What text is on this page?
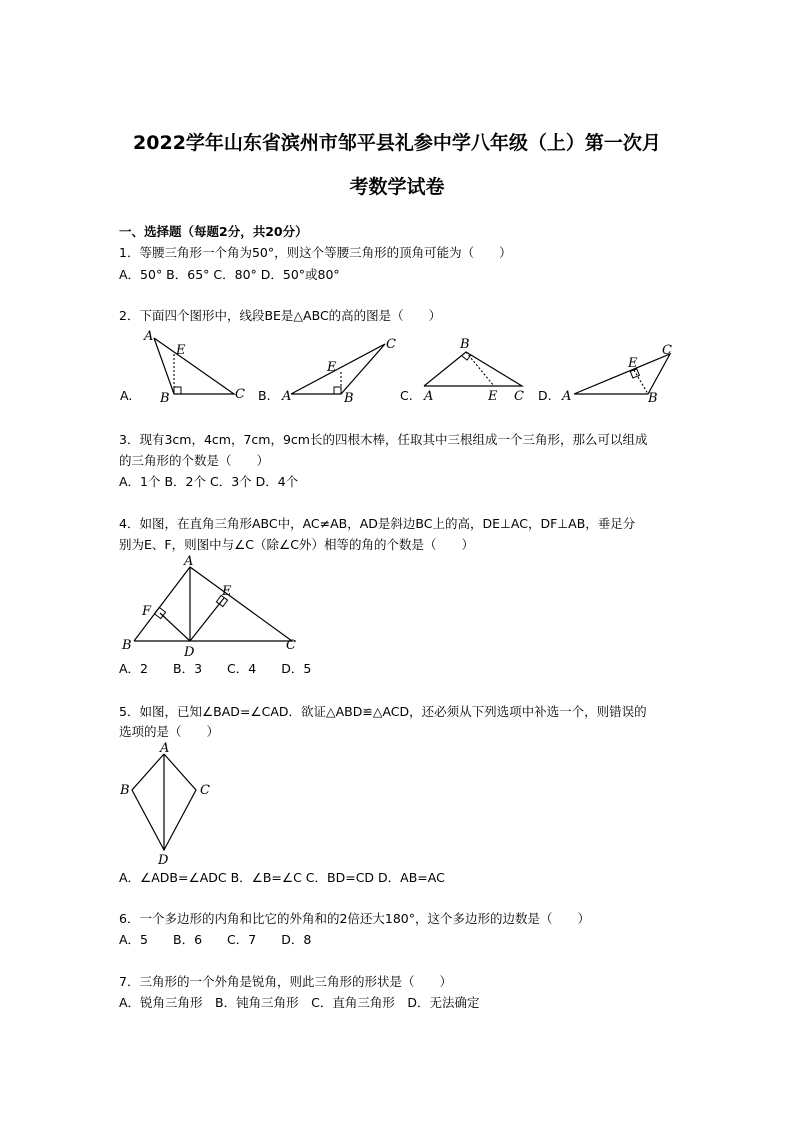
2022学年山东省滨州市邹平县礼参中学八年级（上）第一次月
考数学试卷
一、选择题（每题2分，共20分）
1．等腰三角形一个角为50°，则这个等腰三角形的顶角可能为（　　）
A．50° B．65° C．80° D．50°或80°
2．下面四个图形中，线段BE是△ABC的高的图是（　　）
A
E
B	C
A.	A
E
B
C
B.
B
A	E C
C.	A
E
C
B
D.
3．现有3cm，4cm，7cm，9cm长的四根木棒，任取其中三根组成一个三角形，那么可以组成
的三角形的个数是（　　）
A．1个 B．2个 C．3个 D．4个
4．如图，在直角三角形ABC中，AC≠AB，AD是斜边BC上的高，DE⊥AC，DF⊥AB，垂足分
别为E、F，则图中与∠C（除∠C外）相等的角的个数是（　　）
A
E
F
B	D	C
A．2　　B．3　　C．4　　D．5
5．如图，已知∠BAD=∠CAD．欲证△ABD≌△ACD，还必须从下列选项中补选一个，则错误的
选项的是（　　）
A
B	C
D
A．∠ADB=∠ADC B．∠B=∠C C．BD=CD D．AB=AC
6．一个多边形的内角和比它的外角和的2倍还大180°，这个多边形的边数是（　　）
A．5　　B．6　　C．7　　D．8
7．三角形的一个外角是锐角，则此三角形的形状是（　　）
A．锐角三角形　B．钝角三角形　C．直角三角形　D．无法确定
